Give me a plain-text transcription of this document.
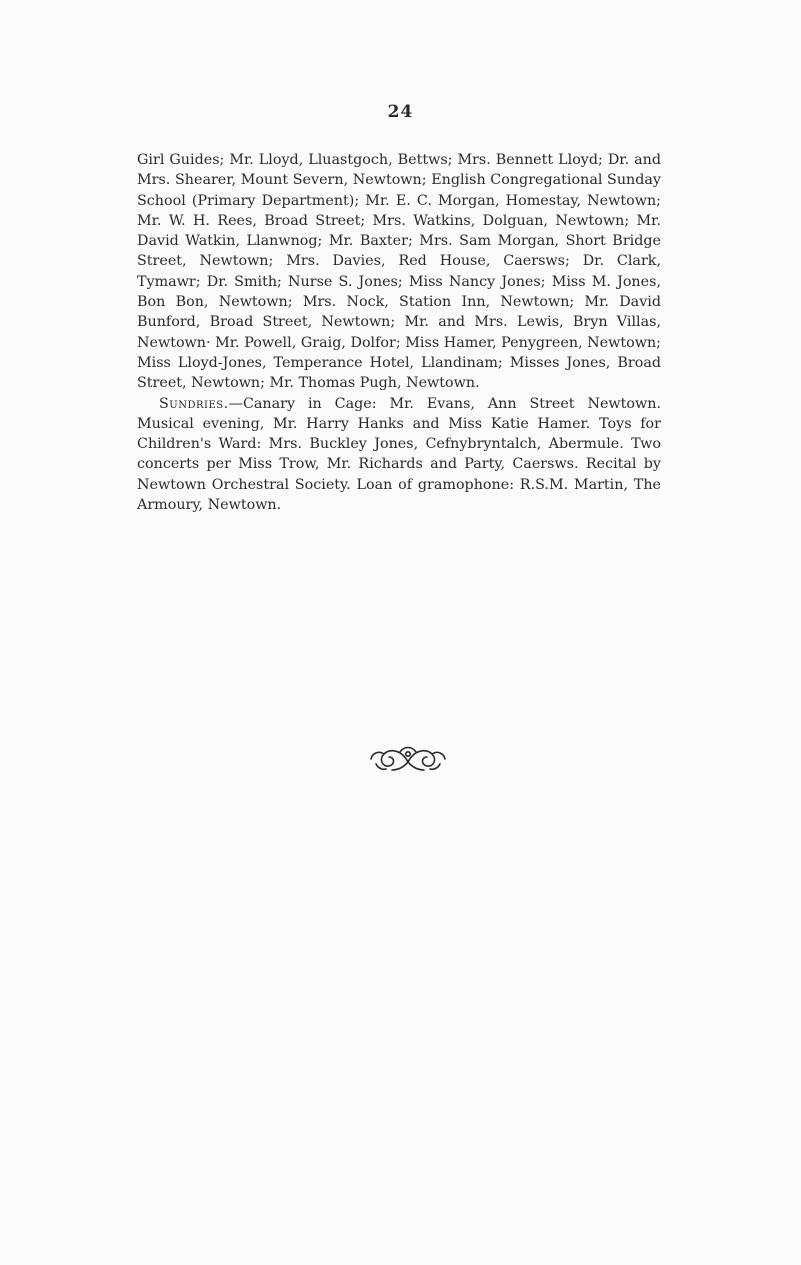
24

Girl Guides; Mr. Lloyd, Lluastgoch, Bettws; Mrs. Bennett Lloyd; Dr. and Mrs. Shearer, Mount Severn, Newtown; English Congregational Sunday School (Primary Department); Mr. E. C. Morgan, Homestay, Newtown; Mr. W. H. Rees, Broad Street; Mrs. Watkins, Dolguan, Newtown; Mr. David Watkin, Llanwnog; Mr. Baxter; Mrs. Sam Morgan, Short Bridge Street, Newtown; Mrs. Davies, Red House, Caersws; Dr. Clark, Tymawr; Dr. Smith; Nurse S. Jones; Miss Nancy Jones; Miss M. Jones, Bon Bon, Newtown; Mrs. Nock, Station Inn, Newtown; Mr. David Bunford, Broad Street, Newtown; Mr. and Mrs. Lewis, Bryn Villas, Newtown· Mr. Powell, Graig, Dolfor; Miss Hamer, Penygreen, Newtown; Miss Lloyd-Jones, Temperance Hotel, Llandinam; Misses Jones, Broad Street, Newtown; Mr. Thomas Pugh, Newtown.

Sundries.—Canary in Cage: Mr. Evans, Ann Street Newtown. Musical evening, Mr. Harry Hanks and Miss Katie Hamer. Toys for Children's Ward: Mrs. Buckley Jones, Cefnybryntalch, Abermule. Two concerts per Miss Trow, Mr. Richards and Party, Caersws. Recital by Newtown Orchestral Society. Loan of gramophone: R.S.M. Martin, The Armoury, Newtown.
